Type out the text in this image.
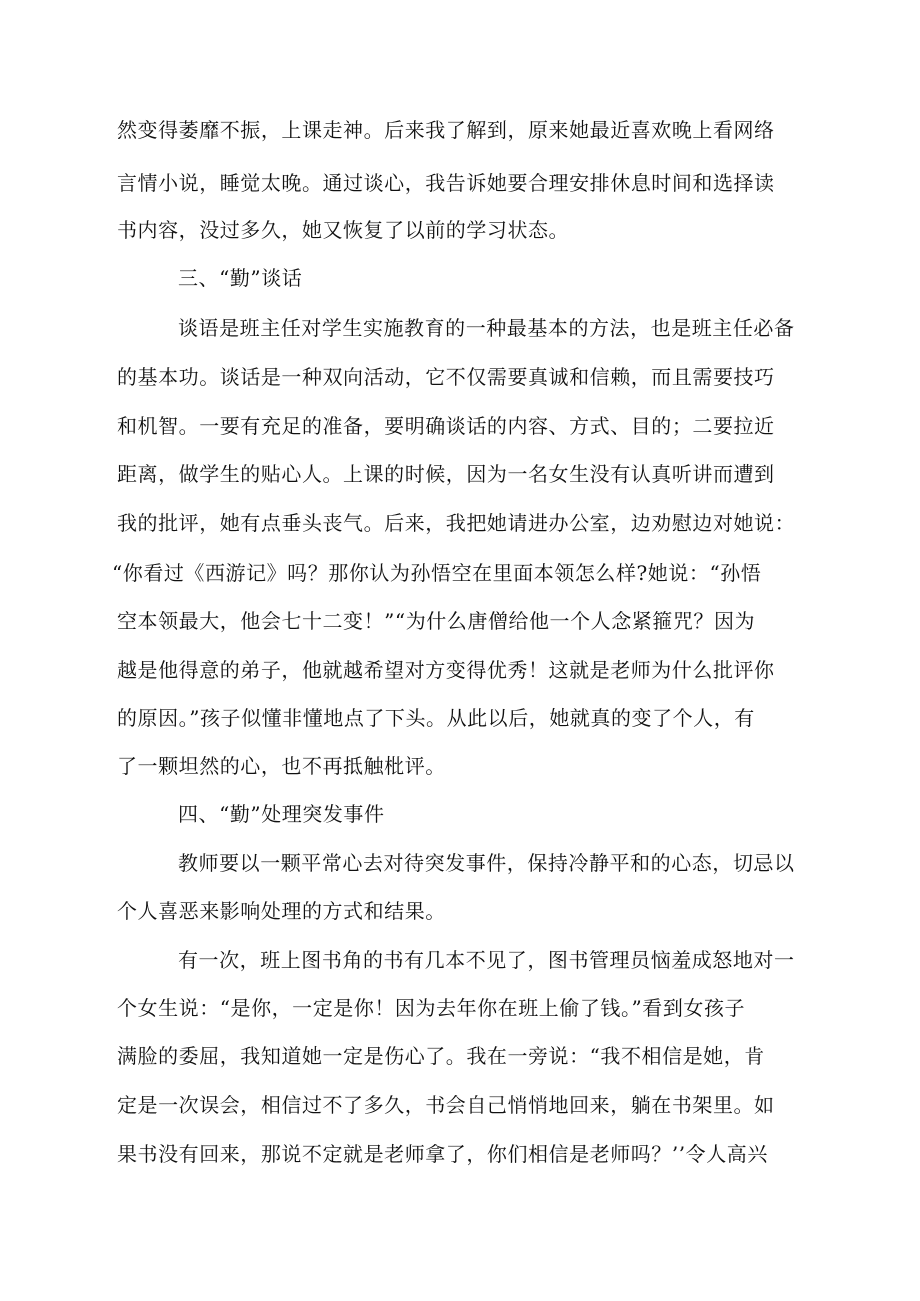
然变得萎靡不振，上课走神。后来我了解到，原来她最近喜欢晚上看网络
言情小说，睡觉太晚。通过谈心，我告诉她要合理安排休息时间和选择读
书内容，没过多久，她又恢复了以前的学习状态。
三、“勤”谈话
谈语是班主任对学生实施教育的一种最基本的方法，也是班主任必备
的基本功。谈话是一种双向活动，它不仅需要真诚和信赖，而且需要技巧
和机智。一要有充足的准备，要明确谈话的内容、方式、目的；二要拉近
距离，做学生的贴心人。上课的时候，因为一名女生没有认真听讲而遭到
我的批评，她有点垂头丧气。后来，我把她请进办公室，边劝慰边对她说：
“你看过《西游记》吗？那你认为孙悟空在里面本领怎么样?她说：“孙悟
空本领最大，他会七十二变！”“为什么唐僧给他一个人念紧箍咒？因为
越是他得意的弟子，他就越希望对方变得优秀！这就是老师为什么批评你
的原因。”孩子似懂非懂地点了下头。从此以后，她就真的变了个人，有
了一颗坦然的心，也不再抵触枇评。
四、“勤”处理突发事件
教师要以一颗平常心去对待突发事件，保持冷静平和的心态，切忌以
个人喜恶来影响处理的方式和结果。
有一次，班上图书角的书有几本不见了，图书管理员恼羞成怒地对一
个女生说：“是你，一定是你！因为去年你在班上偷了钱。”看到女孩子
满脸的委屈，我知道她一定是伤心了。我在一旁说：“我不相信是她，肯
定是一次误会，相信过不了多久，书会自己悄悄地回来，躺在书架里。如
果书没有回来，那说不定就是老师拿了，你们相信是老师吗？’’令人高兴
